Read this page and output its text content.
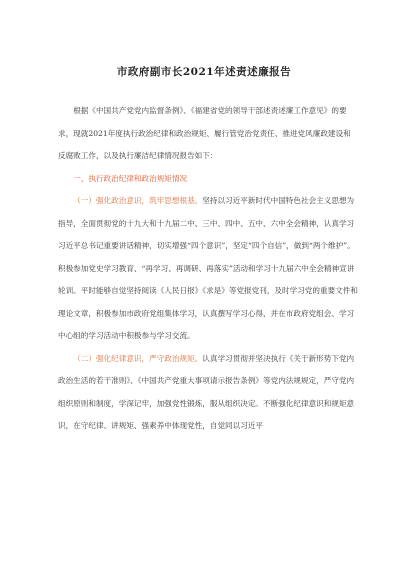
市政府副市长2021年述责述廉报告

根据《中国共产党党内监督条例》、《福建省党的领导干部述责述廉工作意见》的要求，现就2021年度执行政治纪律和政治规矩、履行管党治党责任、推进党风廉政建设和反腐败工作，以及执行廉洁纪律情况报告如下：

一、执行政治纪律和政治规矩情况

（一）强化政治意识，筑牢思想根基。坚持以习近平新时代中国特色社会主义思想为指导，全面贯彻党的十九大和十九届二中、三中、四中、五中、六中全会精神，认真学习习近平总书记重要讲话精神，切实增强“四个意识”，坚定“四个自信”，做到“两个维护”。积极参加党史学习教育、“再学习、再调研、再落实”活动和学习十九届六中全会精神宣讲轮训。平时能够自觉坚持阅读《人民日报》《求是》等党报党刊，及时学习党的重要文件和理论文章，积极参加市政府党组集体学习，认真撰写学习心得，并在市政府党组会、学习中心组的学习活动中积极参与学习交流。

（二）强化纪律意识，严守政治规矩。认真学习贯彻并坚决执行《关于新形势下党内政治生活的若干准则》、《中国共产党重大事项请示报告条例》等党内法规规定，严守党内组织原则和制度，学深记牢，加强党性锻炼，服从组织决定。不断强化纪律意识和规矩意识，在守纪律、讲规矩、强素养中体现党性，自觉同以习近平
